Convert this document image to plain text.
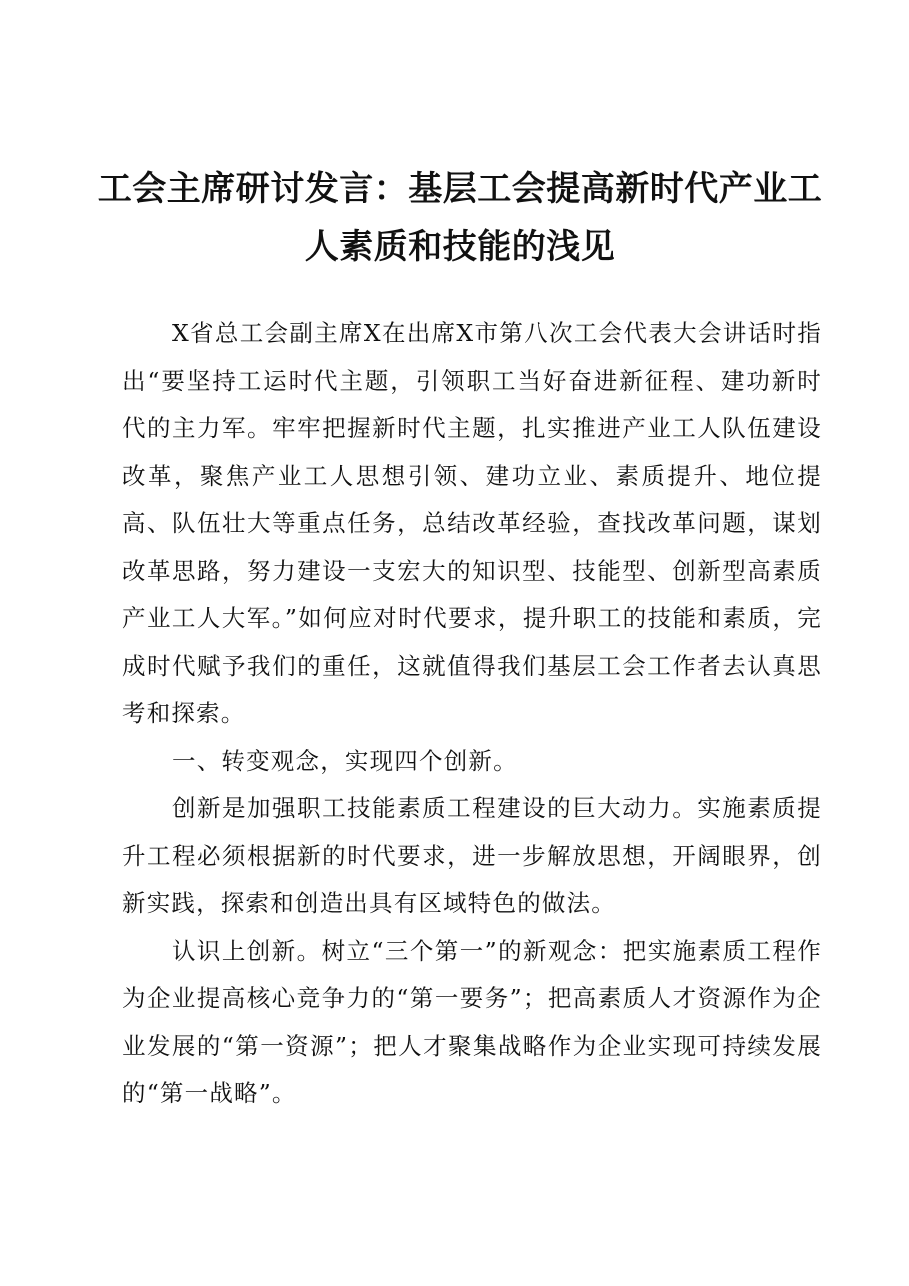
工会主席研讨发言：基层工会提高新时代产业工人素质和技能的浅见

X省总工会副主席X在出席X市第八次工会代表大会讲话时指出“要坚持工运时代主题，引领职工当好奋进新征程、建功新时代的主力军。牢牢把握新时代主题，扎实推进产业工人队伍建设改革，聚焦产业工人思想引领、建功立业、素质提升、地位提高、队伍壮大等重点任务，总结改革经验，查找改革问题，谋划改革思路，努力建设一支宏大的知识型、技能型、创新型高素质产业工人大军。”如何应对时代要求，提升职工的技能和素质，完成时代赋予我们的重任，这就值得我们基层工会工作者去认真思考和探索。

一、转变观念，实现四个创新。

创新是加强职工技能素质工程建设的巨大动力。实施素质提升工程必须根据新的时代要求，进一步解放思想，开阔眼界，创新实践，探索和创造出具有区域特色的做法。

认识上创新。树立“三个第一”的新观念：把实施素质工程作为企业提高核心竞争力的“第一要务”；把高素质人才资源作为企业发展的“第一资源”；把人才聚集战略作为企业实现可持续发展的“第一战略”。
